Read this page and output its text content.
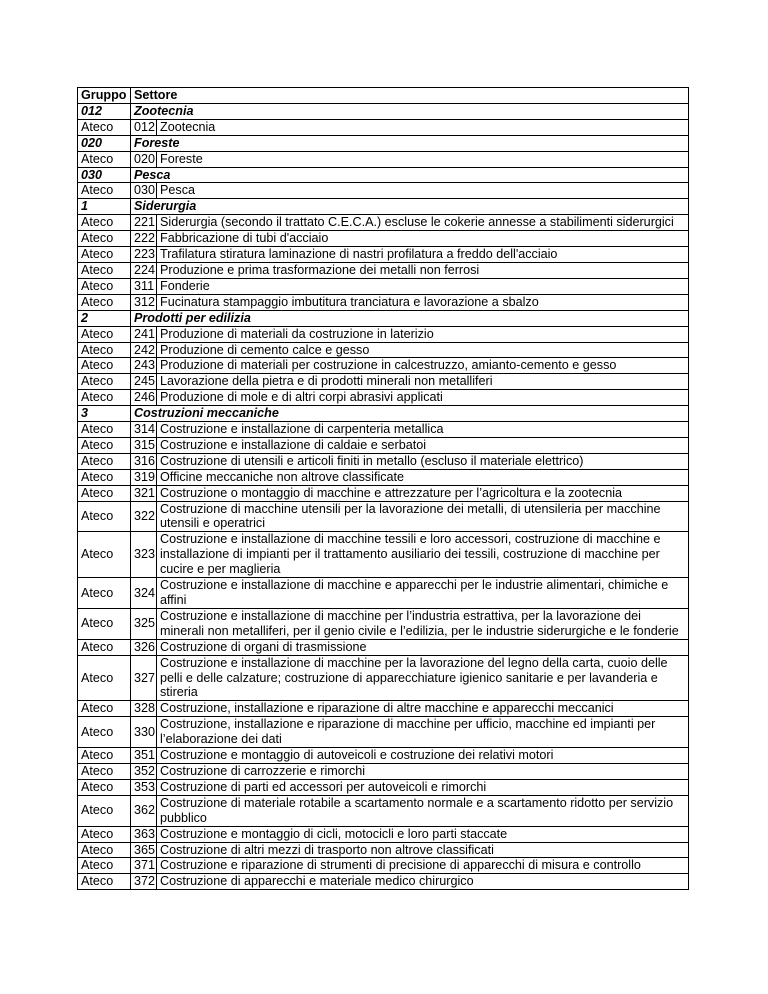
Gruppo	Settore	
012	Zootecnia	
Ateco	012	Zootecnia
020	Foreste	
Ateco	020	Foreste
030	Pesca	
Ateco	030	Pesca
1	Siderurgia	
Ateco	221	Siderurgia (secondo il trattato C.E.C.A.) escluse le cokerie annesse a stabilimenti siderurgici
Ateco	222	Fabbricazione di tubi d'acciaio
Ateco	223	Trafilatura stiratura laminazione di nastri profilatura a freddo dell'acciaio
Ateco	224	Produzione e prima trasformazione dei metalli non ferrosi
Ateco	311	Fonderie
Ateco	312	Fucinatura stampaggio imbutitura tranciatura e lavorazione a sbalzo
2	Prodotti per edilizia	
Ateco	241	Produzione di materiali da costruzione in laterizio
Ateco	242	Produzione di cemento calce e gesso
Ateco	243	Produzione di materiali per costruzione in calcestruzzo, amianto-cemento e gesso
Ateco	245	Lavorazione della pietra e di prodotti minerali non metalliferi
Ateco	246	Produzione di mole e di altri corpi abrasivi applicati
3	Costruzioni meccaniche	
Ateco	314	Costruzione e installazione di carpenteria metallica
Ateco	315	Costruzione e installazione di caldaie e serbatoi
Ateco	316	Costruzione di utensili e articoli finiti in metallo (escluso il materiale elettrico)
Ateco	319	Officine meccaniche non altrove classificate
Ateco	321	Costruzione o montaggio di macchine e attrezzature per l’agricoltura e la zootecnia
Ateco	322	Costruzione di macchine utensili per la lavorazione dei metalli, di utensileria per macchine utensili e operatrici
Ateco	323	Costruzione e installazione di macchine tessili e loro accessori, costruzione di macchine e installazione di impianti per il trattamento ausiliario dei tessili, costruzione di macchine per cucire e per maglieria
Ateco	324	Costruzione e installazione di macchine e apparecchi per le industrie alimentari, chimiche e affini
Ateco	325	Costruzione e installazione di macchine per l’industria estrattiva, per la lavorazione dei minerali non metalliferi, per il genio civile e l’edilizia, per le industrie siderurgiche e le fonderie
Ateco	326	Costruzione di organi di trasmissione
Ateco	327	Costruzione e installazione di macchine per la lavorazione del legno della carta, cuoio delle pelli e delle calzature; costruzione di apparecchiature igienico sanitarie e per lavanderia e stireria
Ateco	328	Costruzione, installazione e riparazione di altre macchine e apparecchi meccanici
Ateco	330	Costruzione, installazione e riparazione di macchine per ufficio, macchine ed impianti per l’elaborazione dei dati
Ateco	351	Costruzione e montaggio di autoveicoli e costruzione dei relativi motori
Ateco	352	Costruzione di carrozzerie e rimorchi
Ateco	353	Costruzione di parti ed accessori per autoveicoli e rimorchi
Ateco	362	Costruzione di materiale rotabile a scartamento normale e a scartamento ridotto per servizio pubblico
Ateco	363	Costruzione e montaggio di cicli, motocicli e loro parti staccate
Ateco	365	Costruzione di altri mezzi di trasporto non altrove classificati
Ateco	371	Costruzione e riparazione di strumenti di precisione di apparecchi di misura e controllo
Ateco	372	Costruzione di apparecchi e materiale medico chirurgico
